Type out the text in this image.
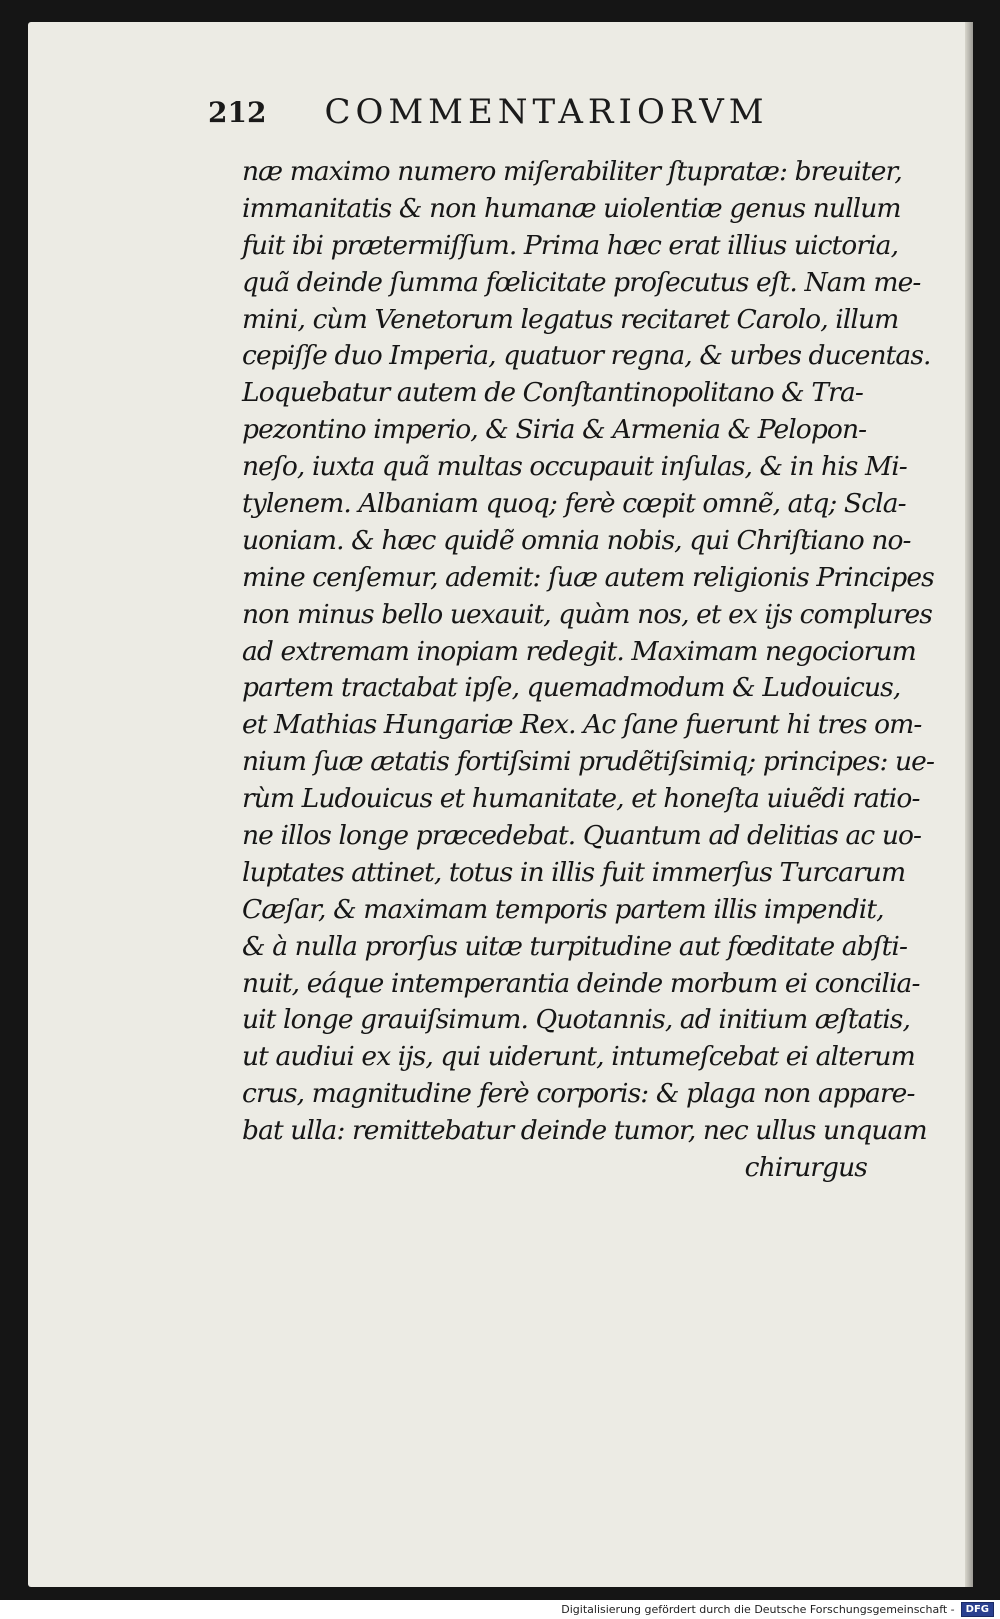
212 COMMENTARIORVM
næ maximo numero miſerabiliter ſtupratæ: breuiter,
immanitatis & non humanæ uiolentiæ genus nullum
fuit ibi prætermiſſum. Prima hæc erat illius uictoria,
quã deinde ſumma fœlicitate proſecutus eſt. Nam me-
mini, cùm Venetorum legatus recitaret Carolo, illum
cepiſſe duo Imperia, quatuor regna, & urbes ducentas.
Loquebatur autem de Conſtantinopolitano & Tra-
pezontino imperio, & Siria & Armenia & Pelopon-
neſo, iuxta quã multas occupauit inſulas, & in his Mi-
tylenem. Albaniam quoq; ferè cœpit omnẽ, atq; Scla-
uoniam. & hæc quidẽ omnia nobis, qui Chriſtiano no-
mine cenſemur, ademit: ſuæ autem religionis Principes
non minus bello uexauit, quàm nos, et ex ijs complures
ad extremam inopiam redegit. Maximam negociorum
partem tractabat ipſe, quemadmodum & Ludouicus,
et Mathias Hungariæ Rex. Ac ſane fuerunt hi tres om-
nium ſuæ ætatis fortiſsimi prudẽtiſsimiq; principes: ue-
rùm Ludouicus et humanitate, et honeſta uiuẽdi ratio-
ne illos longe præcedebat. Quantum ad delitias ac uo-
luptates attinet, totus in illis fuit immerſus Turcarum
Cæſar, & maximam temporis partem illis impendit,
& à nulla prorſus uitæ turpitudine aut fœditate abſti-
nuit, eáque intemperantia deinde morbum ei concilia-
uit longe grauiſsimum. Quotannis, ad initium æſtatis,
ut audiui ex ijs, qui uiderunt, intumeſcebat ei alterum
crus, magnitudine ferè corporis: & plaga non appare-
bat ulla: remittebatur deinde tumor, nec ullus unquam
chirurgus
Digitalisierung gefördert durch die Deutsche Forschungsgemeinschaft -	DFG
